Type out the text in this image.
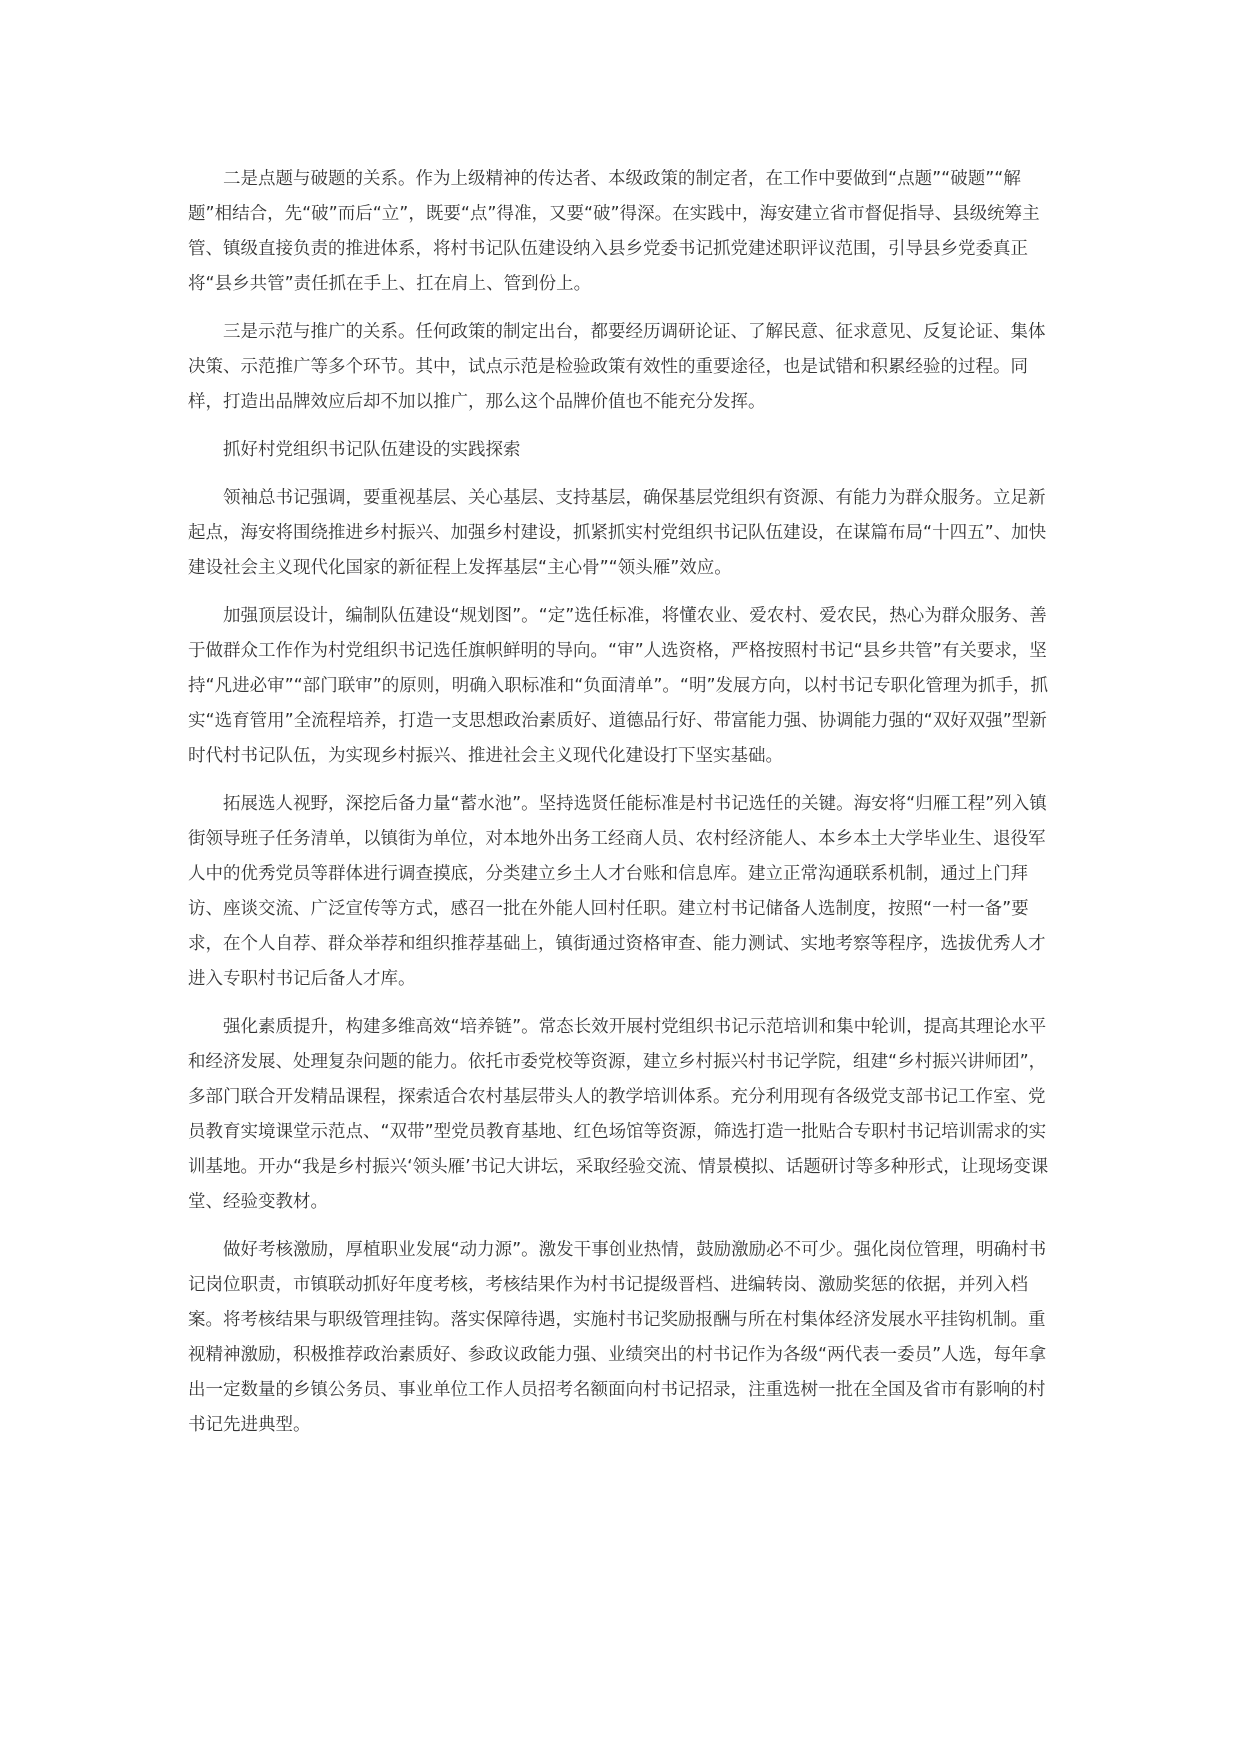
二是点题与破题的关系。作为上级精神的传达者、本级政策的制定者，在工作中要做到“点题”“破题”“解题”相结合，先“破”而后“立”，既要“点”得准，又要“破”得深。在实践中，海安建立省市督促指导、县级统筹主管、镇级直接负责的推进体系，将村书记队伍建设纳入县乡党委书记抓党建述职评议范围，引导县乡党委真正将“县乡共管”责任抓在手上、扛在肩上、管到份上。

三是示范与推广的关系。任何政策的制定出台，都要经历调研论证、了解民意、征求意见、反复论证、集体决策、示范推广等多个环节。其中，试点示范是检验政策有效性的重要途径，也是试错和积累经验的过程。同样，打造出品牌效应后却不加以推广，那么这个品牌价值也不能充分发挥。

抓好村党组织书记队伍建设的实践探索

领袖总书记强调，要重视基层、关心基层、支持基层，确保基层党组织有资源、有能力为群众服务。立足新起点，海安将围绕推进乡村振兴、加强乡村建设，抓紧抓实村党组织书记队伍建设，在谋篇布局“十四五”、加快建设社会主义现代化国家的新征程上发挥基层“主心骨”“领头雁”效应。

加强顶层设计，编制队伍建设“规划图”。“定”选任标准，将懂农业、爱农村、爱农民，热心为群众服务、善于做群众工作作为村党组织书记选任旗帜鲜明的导向。“审”人选资格，严格按照村书记“县乡共管”有关要求，坚持“凡进必审”“部门联审”的原则，明确入职标准和“负面清单”。“明”发展方向，以村书记专职化管理为抓手，抓实“选育管用”全流程培养，打造一支思想政治素质好、道德品行好、带富能力强、协调能力强的“双好双强”型新时代村书记队伍，为实现乡村振兴、推进社会主义现代化建设打下坚实基础。

拓展选人视野，深挖后备力量“蓄水池”。坚持选贤任能标准是村书记选任的关键。海安将“归雁工程”列入镇街领导班子任务清单，以镇街为单位，对本地外出务工经商人员、农村经济能人、本乡本土大学毕业生、退役军人中的优秀党员等群体进行调查摸底，分类建立乡土人才台账和信息库。建立正常沟通联系机制，通过上门拜访、座谈交流、广泛宣传等方式，感召一批在外能人回村任职。建立村书记储备人选制度，按照“一村一备”要求，在个人自荐、群众举荐和组织推荐基础上，镇街通过资格审查、能力测试、实地考察等程序，选拔优秀人才进入专职村书记后备人才库。

强化素质提升，构建多维高效“培养链”。常态长效开展村党组织书记示范培训和集中轮训，提高其理论水平和经济发展、处理复杂问题的能力。依托市委党校等资源，建立乡村振兴村书记学院，组建“乡村振兴讲师团”，多部门联合开发精品课程，探索适合农村基层带头人的教学培训体系。充分利用现有各级党支部书记工作室、党员教育实境课堂示范点、“双带”型党员教育基地、红色场馆等资源，筛选打造一批贴合专职村书记培训需求的实训基地。开办“我是乡村振兴‘领头雁’书记大讲坛，采取经验交流、情景模拟、话题研讨等多种形式，让现场变课堂、经验变教材。

做好考核激励，厚植职业发展“动力源”。激发干事创业热情，鼓励激励必不可少。强化岗位管理，明确村书记岗位职责，市镇联动抓好年度考核，考核结果作为村书记提级晋档、进编转岗、激励奖惩的依据，并列入档案。将考核结果与职级管理挂钩。落实保障待遇，实施村书记奖励报酬与所在村集体经济发展水平挂钩机制。重视精神激励，积极推荐政治素质好、参政议政能力强、业绩突出的村书记作为各级“两代表一委员”人选，每年拿出一定数量的乡镇公务员、事业单位工作人员招考名额面向村书记招录，注重选树一批在全国及省市有影响的村书记先进典型。
